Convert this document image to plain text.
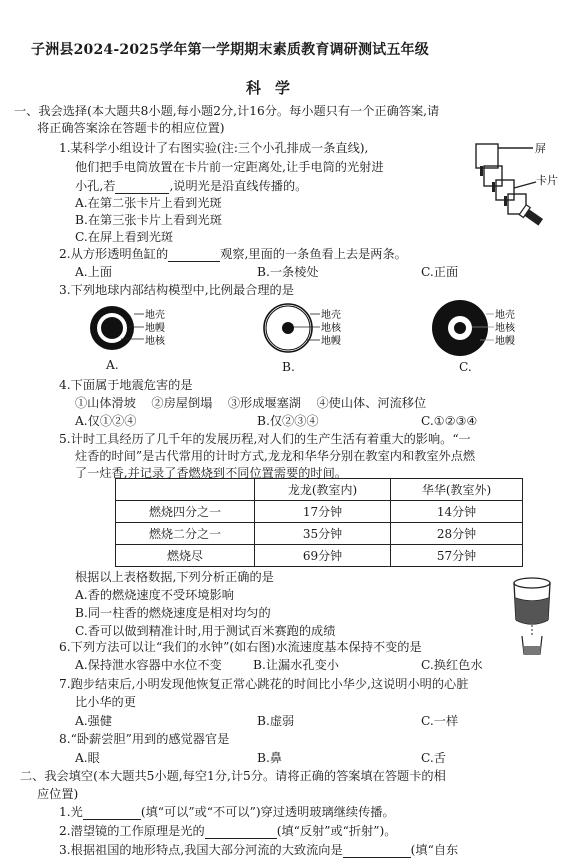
子洲县2024-2025学年第一学期期末素质教育调研测试五年级
科学
一、我会选择(本大题共8小题,每小题2分,计16分。每小题只有一个正确答案,请
将正确答案涂在答题卡的相应位置)
1.某科学小组设计了右图实验(注:三个小孔排成一条直线),
他们把手电筒放置在卡片前一定距离处,让手电筒的光射进
小孔,若	,说明光是沿直线传播的。
A.在第二张卡片上看到光斑
B.在第三张卡片上看到光斑
C.在屏上看到光斑
屏
卡片
2.从方形透明鱼缸的	观察,里面的一条鱼看上去是两条。
A.上面	B.一条棱处	C.正面
3.下列地球内部结构模型中,比例最合理的是
地壳
地幔
地核
A.
地壳
地核
地幔
B.
地壳
地核
地幔
C.
4.下面属于地震危害的是
①山体滑坡    ②房屋倒塌    ③形成堰塞湖    ④使山体、河流移位
A.仅①②④	B.仅②③④	C.①②③④
5.计时工具经历了几千年的发展历程,对人们的生产生活有着重大的影响。“一
炷香的时间”是古代常用的计时方式,龙龙和华华分别在教室内和教室外点燃
了一炷香,并记录了香燃烧到不同位置需要的时间。
	龙龙(教室内)	华华(教室外)
燃烧四分之一	17分钟	14分钟
燃烧二分之一	35分钟	28分钟
燃烧尽	69分钟	57分钟
根据以上表格数据,下列分析正确的是
A.香的燃烧速度不受环境影响
B.同一柱香的燃烧速度是相对均匀的
C.香可以做到精准计时,用于测试百米赛跑的成绩
6.下列方法可以让“我们的水钟”(如右图)水流速度基本保持不变的是
A.保持泄水容器中水位不变	B.让漏水孔变小	C.换红色水
7.跑步结束后,小明发现他恢复正常心跳花的时间比小华少,这说明小明的心脏
比小华的更
A.强健	B.虚弱	C.一样
8.“卧薪尝胆”用到的感觉器官是
A.眼	B.鼻	C.舌
二、我会填空(本大题共5小题,每空1分,计5分。请将正确的答案填在答题卡的相
应位置)
1.光	(填“可以”或“不可以”)穿过透明玻璃继续传播。
2.潜望镜的工作原理是光的	(填“反射”或“折射”)。
3.根据祖国的地形特点,我国大部分河流的大致流向是	(填“自东
